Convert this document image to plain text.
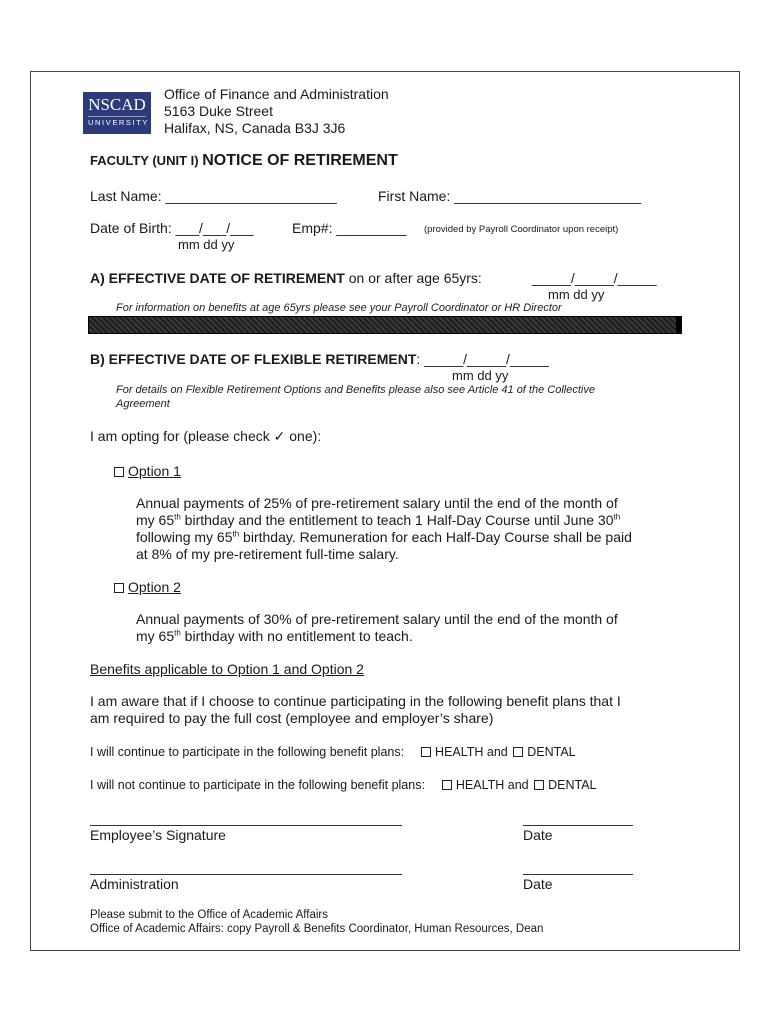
NSCAD
UNIVERSITY
Office of Finance and Administration
5163 Duke Street
Halifax, NS, Canada B3J 3J6
FACULTY (UNIT I) NOTICE OF RETIREMENT
Last Name: ______________________	First Name: ________________________
Date of Birth: ___/___/___
mm dd yy
Emp#: _________ (provided by Payroll Coordinator upon receipt)
A) EFFECTIVE DATE OF RETIREMENT on or after age 65yrs:	_____/_____/_____
mm dd yy
For information on benefits at age 65yrs please see your Payroll Coordinator or HR Director
B) EFFECTIVE DATE OF FLEXIBLE RETIREMENT: _____/_____/_____
mm dd yy
For details on Flexible Retirement Options and Benefits please also see Article 41 of the Collective
Agreement
I am opting for (please check ✓ one):
Option 1
Annual payments of 25% of pre-retirement salary until the end of the month of
my 65th birthday and the entitlement to teach 1 Half-Day Course until June 30th
following my 65th birthday. Remuneration for each Half-Day Course shall be paid
at 8% of my pre-retirement full-time salary.
Option 2
Annual payments of 30% of pre-retirement salary until the end of the month of
my 65th birthday with no entitlement to teach.
Benefits applicable to Option 1 and Option 2
I am aware that if I choose to continue participating in the following benefit plans that I
am required to pay the full cost (employee and employer’s share)
I will continue to participate in the following benefit plans: HEALTH and DENTAL
I will not continue to participate in the following benefit plans: HEALTH and DENTAL
Employee’s Signature	Date
Administration	Date
Please submit to the Office of Academic Affairs
Office of Academic Affairs: copy Payroll & Benefits Coordinator, Human Resources, Dean
